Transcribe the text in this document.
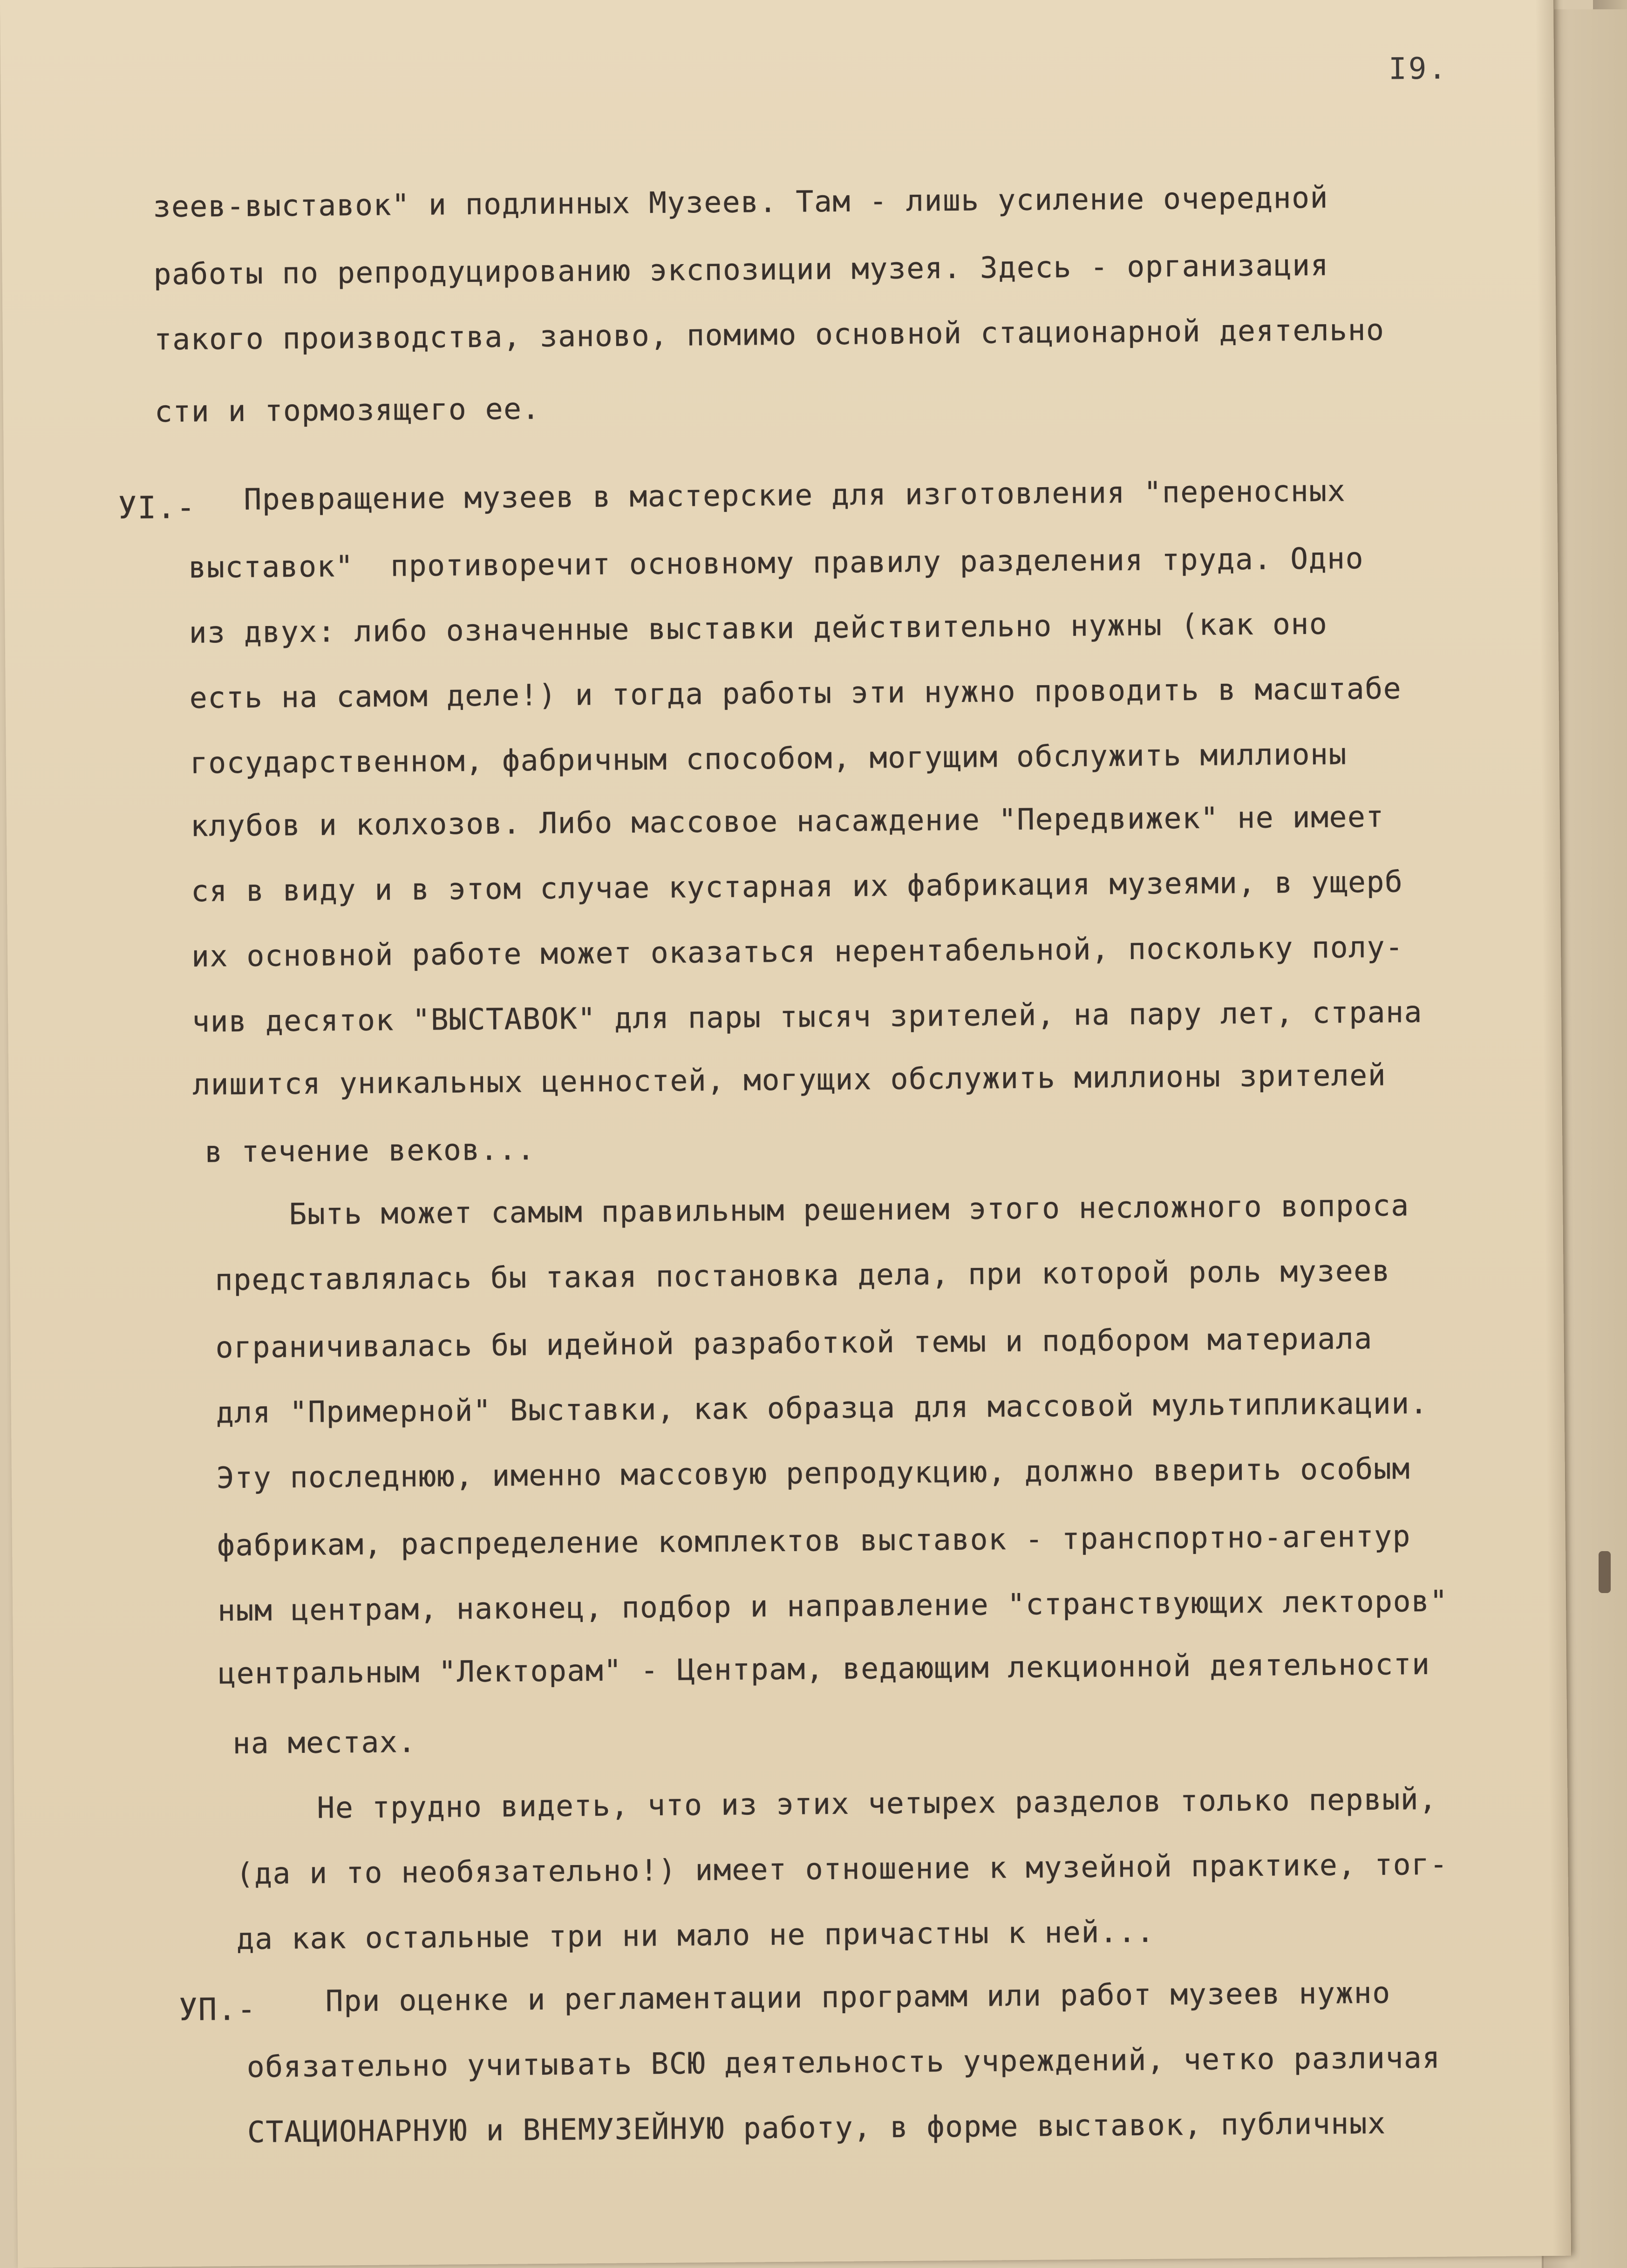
I9.
зеев-выставок" и подлинных Музеев. Там - лишь усиление очередной
работы по репродуцированию экспозиции музея. Здесь - организация
такого производства, заново, помимо основной стационарной деятельно
сти и тормозящего ее.
УI.- Превращение музеев в мастерские для изготовления "переносных
выставок"  противоречит основному правилу разделения труда. Одно
из двух: либо означенные выставки действительно нужны (как оно
есть на самом деле!) и тогда работы эти нужно проводить в масштабе
государственном, фабричным способом, могущим обслужить миллионы
клубов и колхозов. Либо массовое насаждение "Передвижек" не имеет
ся в виду и в этом случае кустарная их фабрикация музеями, в ущерб
их основной работе может оказаться нерентабельной, поскольку полу-
чив десяток "ВЫСТАВОК" для пары тысяч зрителей, на пару лет, страна
лишится уникальных ценностей, могущих обслужить миллионы зрителей
в течение веков...
Быть может самым правильным решением этого несложного вопроса
представлялась бы такая постановка дела, при которой роль музеев
ограничивалась бы идейной разработкой темы и подбором материала
для "Примерной" Выставки, как образца для массовой мультипликации.
Эту последнюю, именно массовую репродукцию, должно вверить особым
фабрикам, распределение комплектов выставок - транспортно-агентур
ным центрам, наконец, подбор и направление "странствующих лекторов"
центральным "Лекторам" - Центрам, ведающим лекционной деятельности
на местах.
Не трудно видеть, что из этих четырех разделов только первый,
(да и то необязательно!) имеет отношение к музейной практике, тог-
да как остальные три ни мало не причастны к ней...
УП.- При оценке и регламентации программ или работ музеев нужно
обязательно учитывать ВСЮ деятельность учреждений, четко различая
СТАЦИОНАРНУЮ и ВНЕМУЗЕЙНУЮ работу, в форме выставок, публичных
